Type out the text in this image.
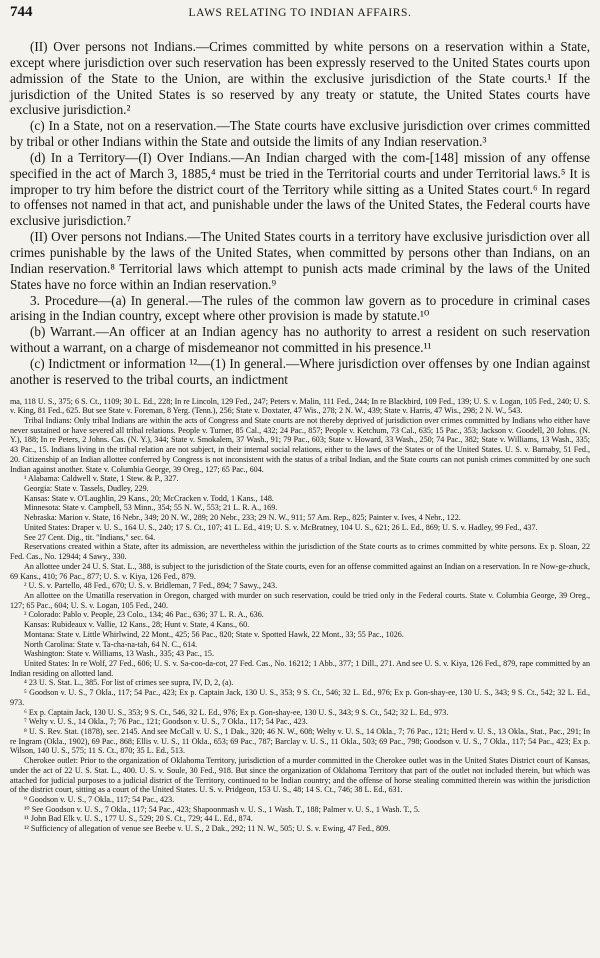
744	LAWS RELATING TO INDIAN AFFAIRS.

(II) Over persons not Indians.—Crimes committed by white persons on a reservation within a State, except where jurisdiction over such reservation has been expressly reserved to the United States courts upon admission of the State to the Union, are within the exclusive jurisdiction of the State courts.¹ If the jurisdiction of the United States is so reserved by any treaty or statute, the United States courts have exclusive jurisdiction.²

(c) In a State, not on a reservation.—The State courts have exclusive jurisdiction over crimes committed by tribal or other Indians within the State and outside the limits of any Indian reservation.³

(d) In a Territory—(I) Over Indians.—An Indian charged with the com-[148] mission of any offense specified in the act of March 3, 1885,⁴ must be tried in the Territorial courts and under Territorial laws.⁵ It is improper to try him before the district court of the Territory while sitting as a United States court.⁶ In regard to offenses not named in that act, and punishable under the laws of the United States, the Federal courts have exclusive jurisdiction.⁷

(II) Over persons not Indians.—The United States courts in a territory have exclusive jurisdiction over all crimes punishable by the laws of the United States, when committed by persons other than Indians, on an Indian reservation.⁸ Territorial laws which attempt to punish acts made criminal by the laws of the United States have no force within an Indian reservation.⁹

3. Procedure—(a) In general.—The rules of the common law govern as to procedure in criminal cases arising in the Indian country, except where other provision is made by statute.¹⁰

(b) Warrant.—An officer at an Indian agency has no authority to arrest a resident on such reservation without a warrant, on a charge of misdemeanor not committed in his presence.¹¹

(c) Indictment or information ¹²—(1) In general.—Where jurisdiction over offenses by one Indian against another is reserved to the tribal courts, an indictment

ma, 118 U. S., 375; 6 S. Ct., 1109; 30 L. Ed., 228; In re Lincoln, 129 Fed., 247; Peters v. Malin, 111 Fed., 244; In re Blackbird, 109 Fed., 139; U. S. v. Logan, 105 Fed., 240; U. S. v. King, 81 Fed., 625. But see State v. Foreman, 8 Yerg. (Tenn.), 256; State v. Doxtater, 47 Wis., 278; 2 N. W., 439; State v. Harris, 47 Wis., 298; 2 N. W., 543.

Tribal Indians: Only tribal Indians are within the acts of Congress and State courts are not thereby deprived of jurisdiction over crimes committed by Indians who either have never sustained or have severed all tribal relations. People v. Turner, 85 Cal., 432; 24 Pac., 857; People v. Ketchum, 73 Cal., 635; 15 Pac., 353; Jackson v. Goodell, 20 Johns. (N. Y.), 188; In re Peters, 2 Johns. Cas. (N. Y.), 344; State v. Smokalem, 37 Wash., 91; 79 Pac., 603; State v. Howard, 33 Wash., 250; 74 Pac., 382; State v. Williams, 13 Wash., 335; 43 Pac., 15. Indians living in the tribal relation are not subject, in their internal social relations, either to the laws of the States or of the United States. U. S. v. Barnaby, 51 Fed., 20. Citizenship of an Indian allottee conferred by Congress is not inconsistent with the status of a tribal Indian, and the State courts can not punish crimes committed by one such Indian against another. State v. Columbia George, 39 Oreg., 127; 65 Pac., 604.

¹ Alabama: Caldwell v. State, 1 Stew. & P., 327.

Georgia: State v. Tassels, Dudley, 229.

Kansas: State v. O'Laughlin, 29 Kans., 20; McCracken v. Todd, 1 Kans., 148.

Minnesota: State v. Campbell, 53 Minn., 354; 55 N. W., 553; 21 L. R. A., 169.

Nebraska: Marion v. State, 16 Nebr., 349; 20 N. W., 289; 20 Nebr., 233; 29 N. W., 911; 57 Am. Rep., 825; Painter v. Ives, 4 Nebr., 122.

United States: Draper v. U. S., 164 U. S., 240; 17 S. Ct., 107; 41 L. Ed., 419; U. S. v. McBratney, 104 U. S., 621; 26 L. Ed., 869; U. S. v. Hadley, 99 Fed., 437.

See 27 Cent. Dig., tit. "Indians," sec. 64.

Reservations created within a State, after its admission, are nevertheless within the jurisdiction of the State courts as to crimes committed by white persons. Ex p. Sloan, 22 Fed. Cas., No. 12944; 4 Sawy., 330.

An allottee under 24 U. S. Stat. L., 388, is subject to the jurisdiction of the State courts, even for an offense committed against an Indian on a reservation. In re Now-ge-zhuck, 69 Kans., 410; 76 Pac., 877; U. S. v. Kiya, 126 Fed., 879.

² U. S. v. Partello, 48 Fed., 670; U. S. v. Bridleman, 7 Fed., 894; 7 Sawy., 243.

An allottee on the Umatilla reservation in Oregon, charged with murder on such reservation, could be tried only in the Federal courts. State v. Columbia George, 39 Oreg., 127; 65 Pac., 604; U. S. v. Logan, 105 Fed., 240.

³ Colorado: Pablo v. People, 23 Colo., 134; 46 Pac., 636; 37 L. R. A., 636.

Kansas: Rubideaux v. Vallie, 12 Kans., 28; Hunt v. State, 4 Kans., 60.

Montana: State v. Little Whirlwind, 22 Mont., 425; 56 Pac., 820; State v. Spotted Hawk, 22 Mont., 33; 55 Pac., 1026.

North Carolina: State v. Ta-cha-na-tah, 64 N. C., 614.

Washington: State v. Williams, 13 Wash., 335; 43 Pac., 15.

United States: In re Wolf, 27 Fed., 606; U. S. v. Sa-coo-da-cot, 27 Fed. Cas., No. 16212; 1 Abb., 377; 1 Dill., 271. And see U. S. v. Kiya, 126 Fed., 879, rape committed by an Indian residing on allotted land.

⁴ 23 U. S. Stat. L., 385. For list of crimes see supra, IV, D, 2, (a).

⁵ Goodson v. U. S., 7 Okla., 117; 54 Pac., 423; Ex p. Captain Jack, 130 U. S., 353; 9 S. Ct., 546; 32 L. Ed., 976; Ex p. Gon-shay-ee, 130 U. S., 343; 9 S. Ct., 542; 32 L. Ed., 973.

⁶ Ex p. Captain Jack, 130 U. S., 353; 9 S. Ct., 546, 32 L. Ed., 976; Ex p. Gon-shay-ee, 130 U. S., 343; 9 S. Ct., 542; 32 L. Ed., 973.

⁷ Welty v. U. S., 14 Okla., 7; 76 Pac., 121; Goodson v. U. S., 7 Okla., 117; 54 Pac., 423.

⁸ U. S. Rev. Stat. (1878), sec. 2145. And see McCall v. U. S., 1 Dak., 320; 46 N. W., 608; Welty v. U. S., 14 Okla., 7; 76 Pac., 121; Herd v. U. S., 13 Okla., Stat., Pac., 291; In re Ingram (Okla., 1902), 69 Pac., 868; Ellis v. U. S., 11 Okla., 653; 69 Pac., 787; Barclay v. U. S., 11 Okla., 503; 69 Pac., 798; Goodson v. U. S., 7 Okla., 117; 54 Pac., 423; Ex p. Wilson, 140 U. S., 575; 11 S. Ct., 870; 35 L. Ed., 513.

Cherokee outlet: Prior to the organization of Oklahoma Territory, jurisdiction of a murder committed in the Cherokee outlet was in the United States District court of Kansas, under the act of 22 U. S. Stat. L., 400. U. S. v. Soule, 30 Fed., 918. But since the organization of Oklahoma Territory that part of the outlet not included therein, but which was attached for judicial purposes to a judicial district of the Territory, continued to be Indian country; and the offense of horse stealing committed therein was within the jurisdiction of the district court, sitting as a court of the United States. U. S. v. Pridgeon, 153 U. S., 48; 14 S. Ct., 746; 38 L. Ed., 631.

⁹ Goodson v. U. S., 7 Okla., 117; 54 Pac., 423.

¹⁰ See Goodson v. U. S., 7 Okla., 117; 54 Pac., 423; Shapoonmash v. U. S., 1 Wash. T., 188; Palmer v. U. S., 1 Wash. T., 5.

¹¹ John Bad Elk v. U. S., 177 U. S., 529; 20 S. Ct., 729; 44 L. Ed., 874.

¹² Sufficiency of allegation of venue see Beebe v. U. S., 2 Dak., 292; 11 N. W., 505; U. S. v. Ewing, 47 Fed., 809.
